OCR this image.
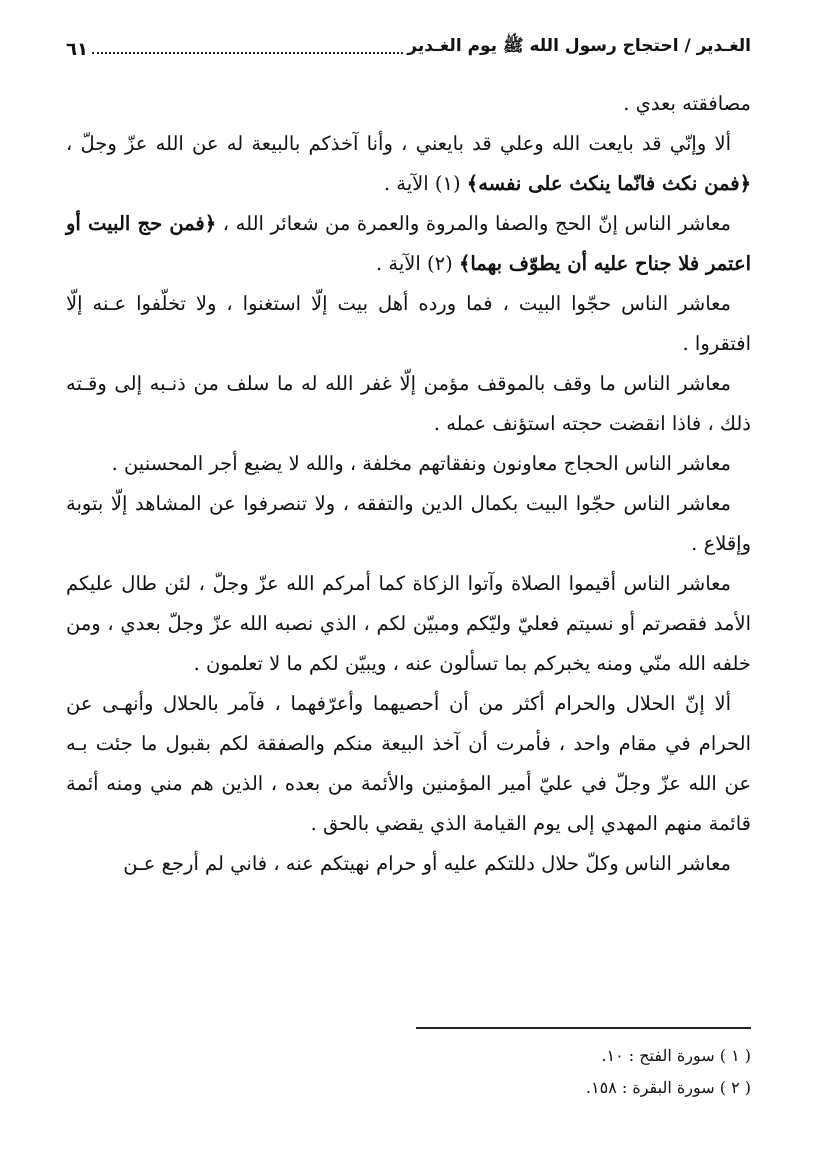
الغـدير / احتجاج رسول الله ﷺ يوم الغـدير
٦١

مصافقته بعدي .

ألا وإنّي قد بايعت الله وعلي قد بايعني ، وأنا آخذكم بالبيعة له عن الله عزّ وجلّ ، ﴿فمن نكث فانّما ينكث على نفسه﴾ (١) الآية .

معاشر الناس إنّ الحج والصفا والمروة والعمرة من شعائر الله ، ﴿فمن حج البيت أو اعتمر فلا جناح عليه أن يطوّف بهما﴾ (٢) الآية .

معاشر الناس حجّوا البيت ، فما ورده أهل بيت إلّا استغنوا ، ولا تخلّفوا عـنه إلّا افتقروا .

معاشر الناس ما وقف بالموقف مؤمن إلّا غفر الله له ما سلف من ذنـبه إلى وقـته ذلك ، فاذا انقضت حجته استؤنف عمله .

معاشر الناس الحجاج معاونون ونفقاتهم مخلفة ، والله لا يضيع أجر المحسنين .

معاشر الناس حجّوا البيت بكمال الدين والتفقه ، ولا تنصرفوا عن المشاهد إلّا بتوبة وإقلاع .

معاشر الناس أقيموا الصلاة وآتوا الزكاة كما أمركم الله عزّ وجلّ ، لئن طال عليكم الأمد فقصرتم أو نسيتم فعليّ وليّكم ومبيّن لكم ، الذي نصبه الله عزّ وجلّ بعدي ، ومن خلفه الله منّي ومنه يخبركم بما تسألون عنه ، ويبيّن لكم ما لا تعلمون .

ألا إنّ الحلال والحرام أكثر من أن أحصيهما وأعرّفهما ، فآمر بالحلال وأنهـى عن الحرام في مقام واحد ، فأمرت أن آخذ البيعة منكم والصفقة لكم بقبول ما جئت بـه عن الله عزّ وجلّ في عليّ أمير المؤمنين والأئمة من بعده ، الذين هم مني ومنه أئمة قائمة منهم المهدي إلى يوم القيامة الذي يقضي بالحق .

معاشر الناس وكلّ حلال دللتكم عليه أو حرام نهيتكم عنه ، فاني لم أرجع عـن

( ١ ) سورة الفتح : ١٠.
( ٢ ) سورة البقرة : ١٥٨.
